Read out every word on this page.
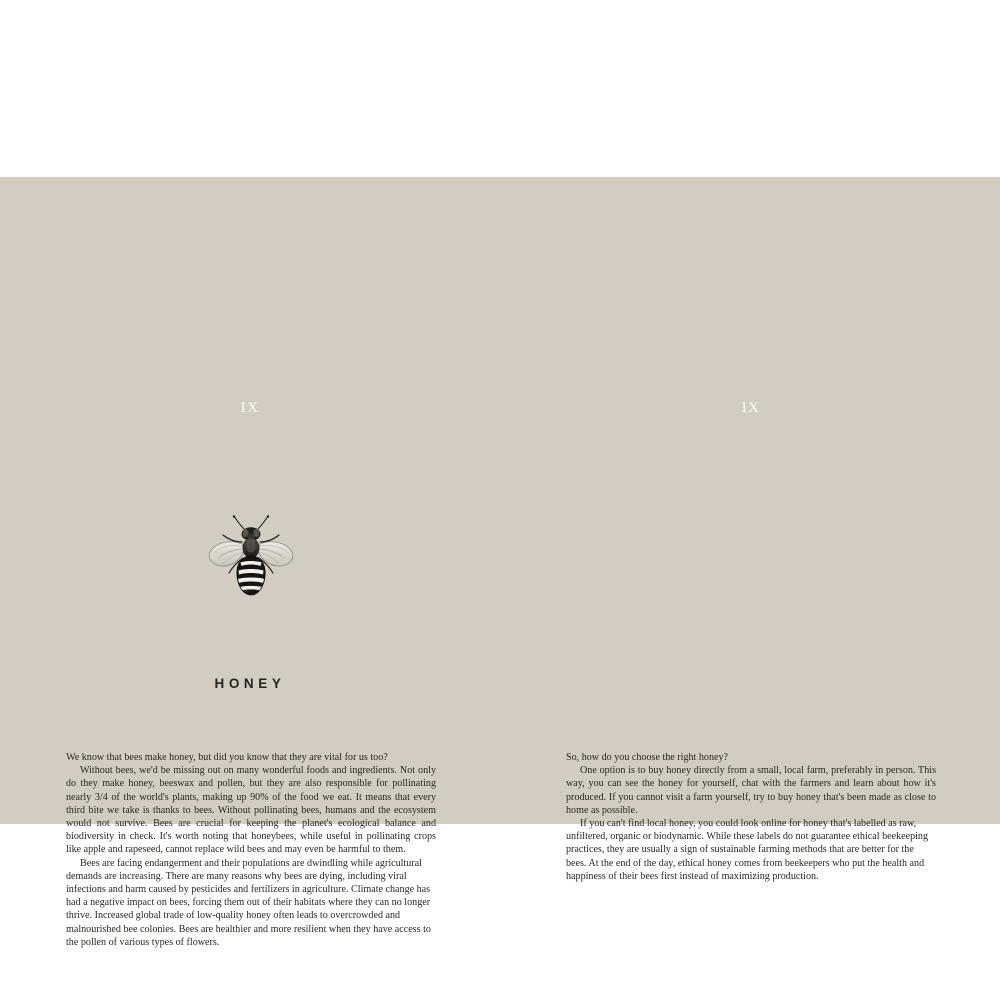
IX
HONEY

We know that bees make honey, but did you know that they are vital for us too?

Without bees, we'd be missing out on many wonderful foods and ingredients. Not only do they make honey, beeswax and pollen, but they are also responsible for pollinating nearly 3/4 of the world's plants, making up 90% of the food we eat. It means that every third bite we take is thanks to bees. Without pollinating bees, humans and the ecosystem would not survive. Bees are crucial for keeping the planet's ecological balance and biodiversity in check. It's worth noting that honeybees, while useful in pollinating crops like apple and rapeseed, cannot replace wild bees and may even be harmful to them.

Bees are facing endangerment and their populations are dwindling while agricultural demands are increasing. There are many reasons why bees are dying, including viral infections and harm caused by pesticides and fertilizers in agriculture. Climate change has had a negative impact on bees, forcing them out of their habitats where they can no longer thrive. Increased global trade of low-quality honey often leads to overcrowded and malnourished bee colonies. Bees are healthier and more resilient when they have access to the pollen of various types of flowers.

IX

So, how do you choose the right honey?

One option is to buy honey directly from a small, local farm, preferably in person. This way, you can see the honey for yourself, chat with the farmers and learn about how it's produced. If you cannot visit a farm yourself, try to buy honey that's been made as close to home as possible.

If you can't find local honey, you could look online for honey that's labelled as raw, unfiltered, organic or biodynamic. While these labels do not guarantee ethical beekeeping practices, they are usually a sign of sustainable farming methods that are better for the bees. At the end of the day, ethical honey comes from beekeepers who put the health and happiness of their bees first instead of maximizing production.
